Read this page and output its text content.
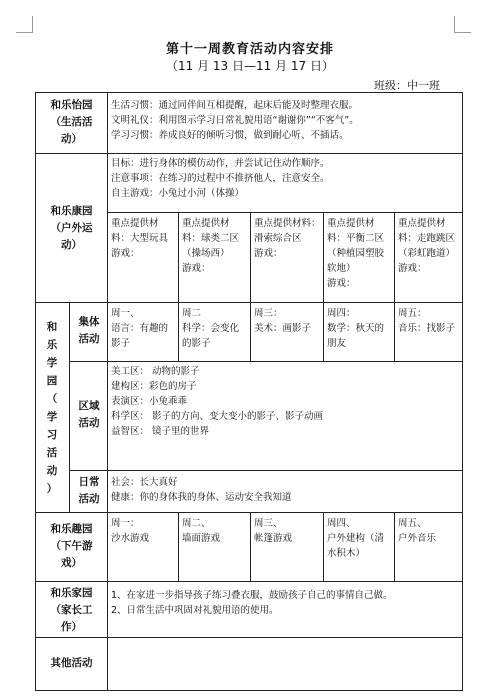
第十一周教育活动内容安排
（11 月 13 日—11 月 17 日）
班级：中一班
和乐怡园
（生活活
动）
生活习惯：通过同伴间互相提醒，起床后能及时整理衣服。
文明礼仪：利用图示学习日常礼貌用语“谢谢你”“不客气”。
学习习惯：养成良好的倾听习惯，做到耐心听、不插话。
和乐康园
（户外运
动）
目标：进行身体的模仿动作，并尝试记住动作顺序。
注意事项：在练习的过程中不推挤他人，注意安全。
自主游戏：小兔过小河（体操）
重点提供材料：大型玩具
游戏：
重点提供材料：球类二区（操场西）
游戏：
重点提供材料：滑索综合区
游戏：
重点提供材料：平衡二区（种植园塑胶软地）
游戏：
重点提供材料：走跑跳区（彩虹跑道）
游戏：
和
乐
学
园
（
学
习
活
动
）
集体
活动
周一、
语言：有趣的影子
周二
科学：会变化的影子
周三：
美术：画影子
周四：
数学：秋天的朋友
周五：
音乐：找影子
区域
活动
美工区： 动物的影子
建构区：彩色的房子
表演区：小兔乖乖
科学区： 影子的方向、变大变小的影子、影子动画
益智区： 镜子里的世界
日常
活动
社会：长大真好
健康：你的身体我的身体、运动安全我知道
和乐趣园
（下午游
戏）
周一：
沙水游戏
周二、
墙面游戏
周三、
帐篷游戏
周四、
户外建构（清水积木）
周五、
户外音乐
和乐家园
（家长工
作）
1、在家进一步指导孩子练习叠衣服，鼓励孩子自己的事情自己做。
2、日常生活中巩固对礼貌用语的使用。
其他活动
